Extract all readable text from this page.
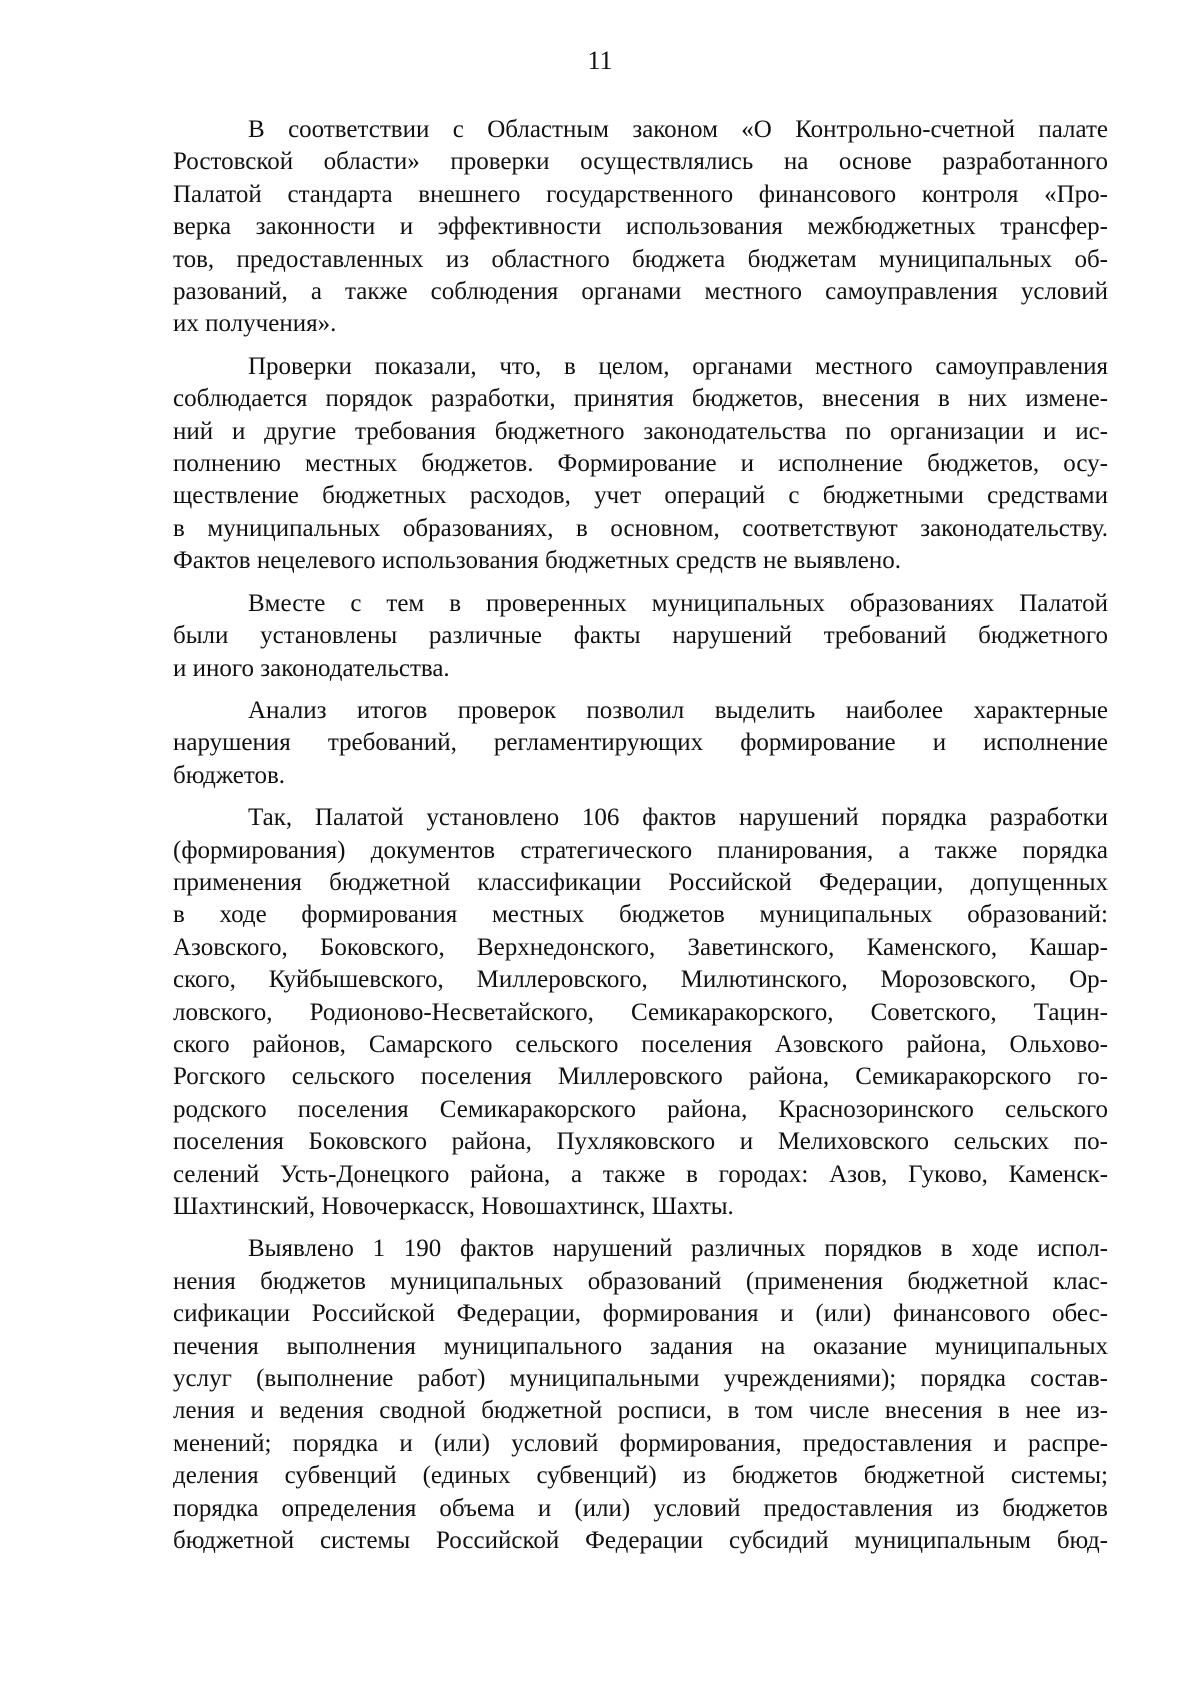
11

В соответствии с Областным законом «О Контрольно-счетной палате
Ростовской области» проверки осуществлялись на основе разработанного
Палатой стандарта внешнего государственного финансового контроля «Про-
верка законности и эффективности использования межбюджетных трансфер-
тов, предоставленных из областного бюджета бюджетам муниципальных об-
разований, а также соблюдения органами местного самоуправления условий
их получения».

Проверки показали, что, в целом, органами местного самоуправления
соблюдается порядок разработки, принятия бюджетов, внесения в них измене-
ний и другие требования бюджетного законодательства по организации и ис-
полнению местных бюджетов. Формирование и исполнение бюджетов, осу-
ществление бюджетных расходов, учет операций с бюджетными средствами
в муниципальных образованиях, в основном, соответствуют законодательству.
Фактов нецелевого использования бюджетных средств не выявлено.

Вместе с тем в проверенных муниципальных образованиях Палатой
были установлены различные факты нарушений требований бюджетного
и иного законодательства.

Анализ итогов проверок позволил выделить наиболее характерные
нарушения требований, регламентирующих формирование и исполнение
бюджетов.

Так, Палатой установлено 106 фактов нарушений порядка разработки
(формирования) документов стратегического планирования, а также порядка
применения бюджетной классификации Российской Федерации, допущенных
в ходе формирования местных бюджетов муниципальных образований:
Азовского, Боковского, Верхнедонского, Заветинского, Каменского, Кашар-
ского, Куйбышевского, Миллеровского, Милютинского, Морозовского, Ор-
ловского, Родионово-Несветайского, Семикаракорского, Советского, Тацин-
ского районов, Самарского сельского поселения Азовского района, Ольхово-
Рогского сельского поселения Миллеровского района, Семикаракорского го-
родского поселения Семикаракорского района, Краснозоринского сельского
поселения Боковского района, Пухляковского и Мелиховского сельских по-
селений Усть-Донецкого района, а также в городах: Азов, Гуково, Каменск-
Шахтинский, Новочеркасск, Новошахтинск, Шахты.

Выявлено 1 190 фактов нарушений различных порядков в ходе испол-
нения бюджетов муниципальных образований (применения бюджетной клас-
сификации Российской Федерации, формирования и (или) финансового обес-
печения выполнения муниципального задания на оказание муниципальных
услуг (выполнение работ) муниципальными учреждениями); порядка состав-
ления и ведения сводной бюджетной росписи, в том числе внесения в нее из-
менений; порядка и (или) условий формирования, предоставления и распре-
деления субвенций (единых субвенций) из бюджетов бюджетной системы;
порядка определения объема и (или) условий предоставления из бюджетов
бюджетной системы Российской Федерации субсидий муниципальным бюд-
